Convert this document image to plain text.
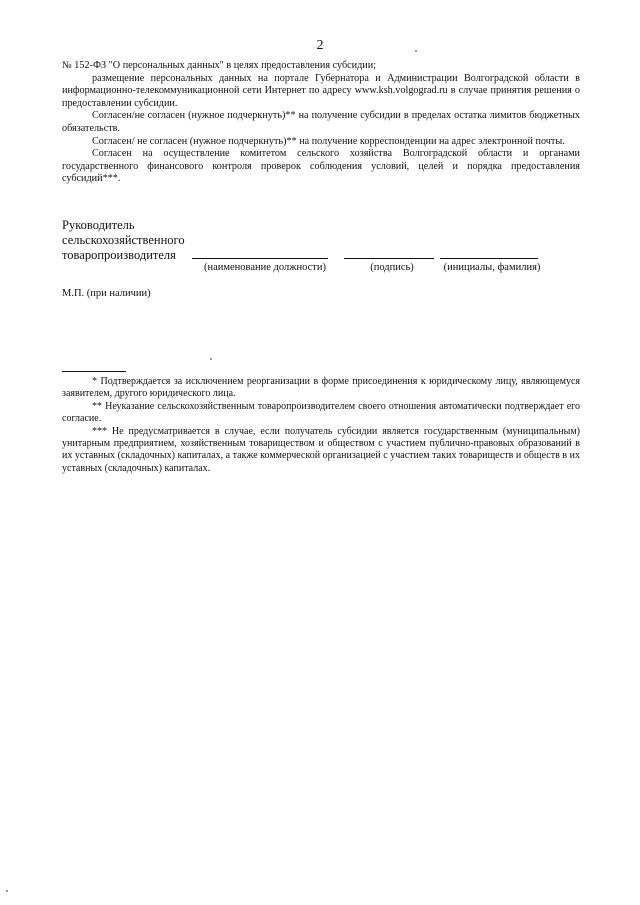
2

№ 152-ФЗ "О персональных данных" в целях предоставления субсидии;

размещение персональных данных на портале Губернатора и Администрации Волгоградской области в информационно-телекоммуникационной сети Интернет по адресу www.ksh.volgograd.ru в случае принятия решения о предоставлении субсидии.

Согласен/не согласен (нужное подчеркнуть)** на получение субсидии в пределах остатка лимитов бюджетных обязательств.

Согласен/ не согласен (нужное подчеркнуть)** на получение корреспонденции на адрес электронной почты.

Согласен на осуществление комитетом сельского хозяйства Волгоградской области и органами государственного финансового контроля проверок соблюдения условий, целей и порядка предоставления субсидий***.

Руководитель
сельскохозяйственного
товаропроизводителя
(наименование должности)	(подпись)	(инициалы, фамилия)
М.П. (при наличии)

* Подтверждается за исключением реорганизации в форме присоединения к юридическому лицу, являющемуся заявителем, другого юридического лица.

** Неуказание сельскохозяйственным товаропроизводителем своего отношения автоматически подтверждает его согласие.

*** Не предусматривается в случае, если получатель субсидии является государственным (муниципальным) унитарным предприятием, хозяйственным товариществом и обществом с участием публично-правовых образований в их уставных (складочных) капиталах, а также коммерческой организацией с участием таких товариществ и обществ в их уставных (складочных) капиталах.
